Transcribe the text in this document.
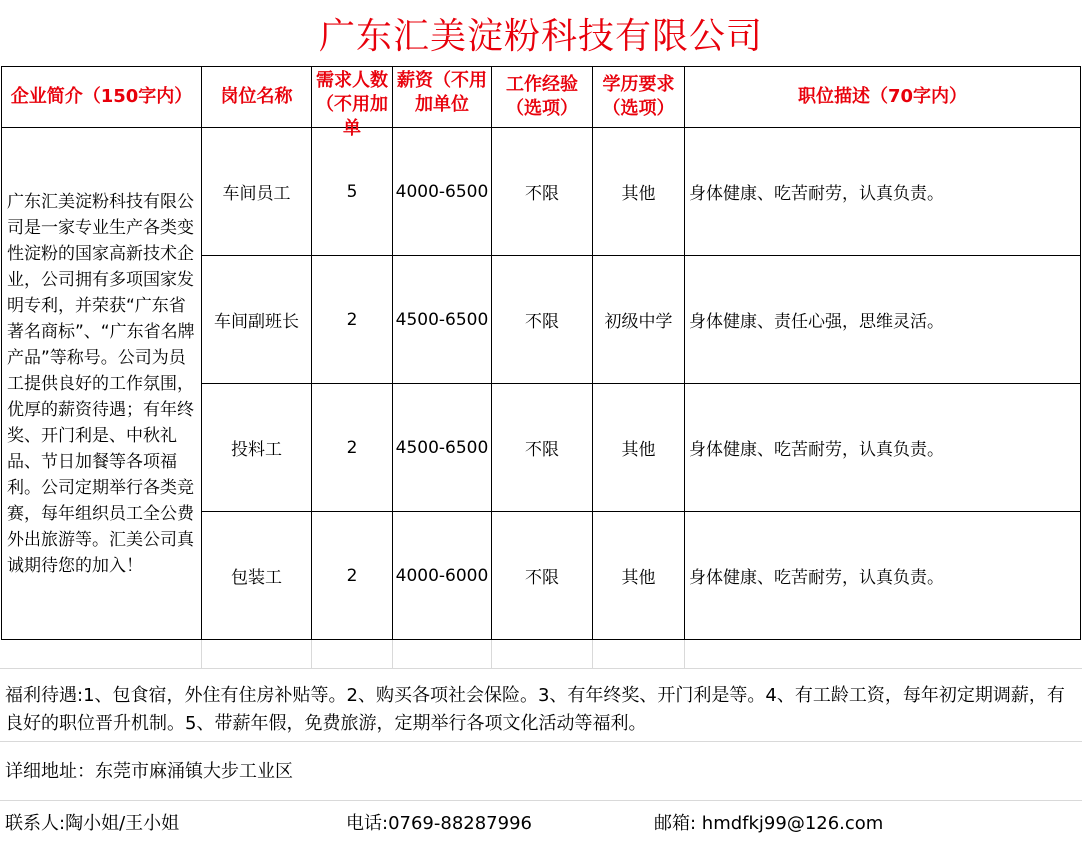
广东汇美淀粉科技有限公司
企业简介（150字内）	岗位名称	需求人数（不用加单	薪资（不用加单位	工作经验（选项）	学历要求（选项）	职位描述（70字内）

广东汇美淀粉科技有限公司是一家专业生产各类变性淀粉的国家高新技术企业，公司拥有多项国家发明专利，并荣获“广东省著名商标”、“广东省名牌产品”等称号。公司为员工提供良好的工作氛围，优厚的薪资待遇；有年终奖、开门利是、中秋礼品、节日加餐等各项福利。公司定期举行各类竞赛，每年组织员工全公费外出旅游等。汇美公司真诚期待您的加入！	车间员工	5	4000-6500	不限	其他	身体健康、吃苦耐劳，认真负责。
	车间副班长	2	4500-6500	不限	初级中学	身体健康、责任心强，思维灵活。
	投料工	2	4500-6500	不限	其他	身体健康、吃苦耐劳，认真负责。
	包装工	2	4000-6000	不限	其他	身体健康、吃苦耐劳，认真负责。
福利待遇:1、包食宿，外住有住房补贴等。2、购买各项社会保险。3、有年终奖、开门利是等。4、有工龄工资，每年初定期调薪，有良好的职位晋升机制。5、带薪年假，免费旅游，定期举行各项文化活动等福利。
详细地址：东莞市麻涌镇大步工业区
联系人:陶小姐/王小姐	电话:0769-88287996	邮箱: hmdfkj99@126.com
